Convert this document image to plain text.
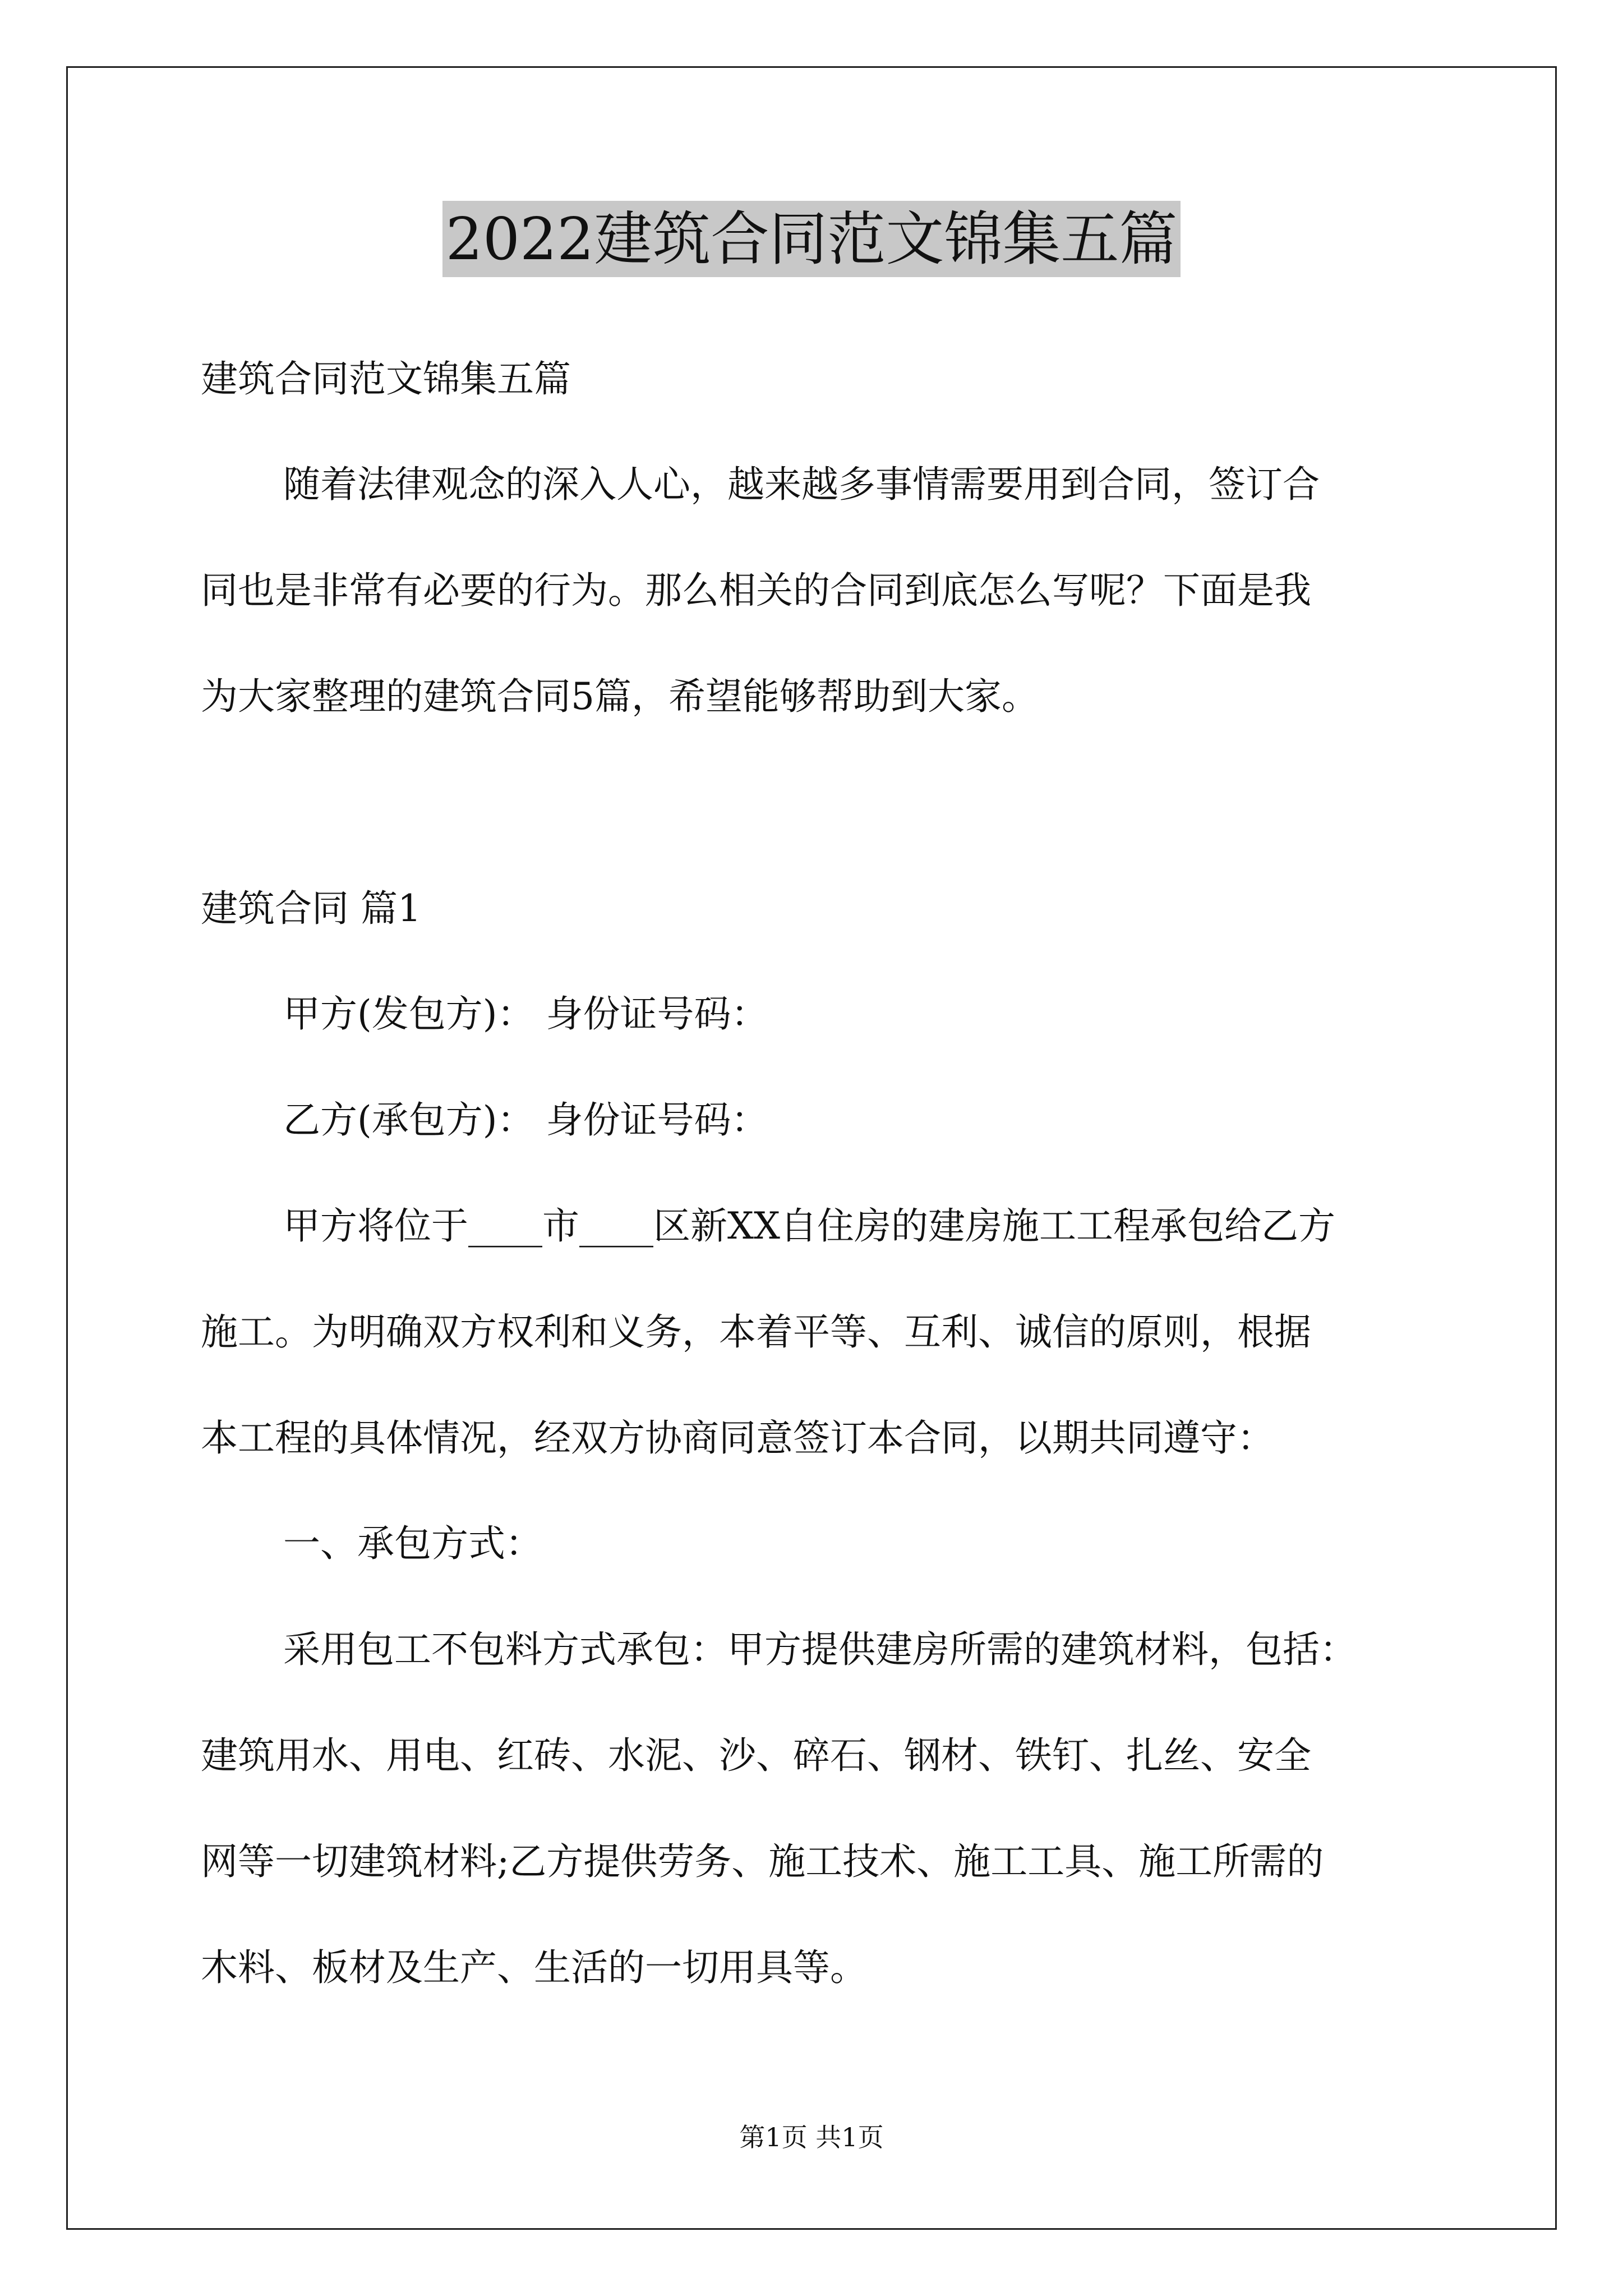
2022建筑合同范文锦集五篇
建筑合同范文锦集五篇
随着法律观念的深入人心，越来越多事情需要用到合同，签订合
同也是非常有必要的行为。那么相关的合同到底怎么写呢？下面是我
为大家整理的建筑合同5篇，希望能够帮助到大家。
建筑合同 篇1
甲方(发包方)： 身份证号码：
乙方(承包方)： 身份证号码：
甲方将位于____市____区新XX自住房的建房施工工程承包给乙方
施工。为明确双方权利和义务，本着平等、互利、诚信的原则，根据
本工程的具体情况，经双方协商同意签订本合同，以期共同遵守：
一、承包方式：
采用包工不包料方式承包：甲方提供建房所需的建筑材料，包括：
建筑用水、用电、红砖、水泥、沙、碎石、钢材、铁钉、扎丝、安全
网等一切建筑材料;乙方提供劳务、施工技术、施工工具、施工所需的
木料、板材及生产、生活的一切用具等。
第1页 共1页
